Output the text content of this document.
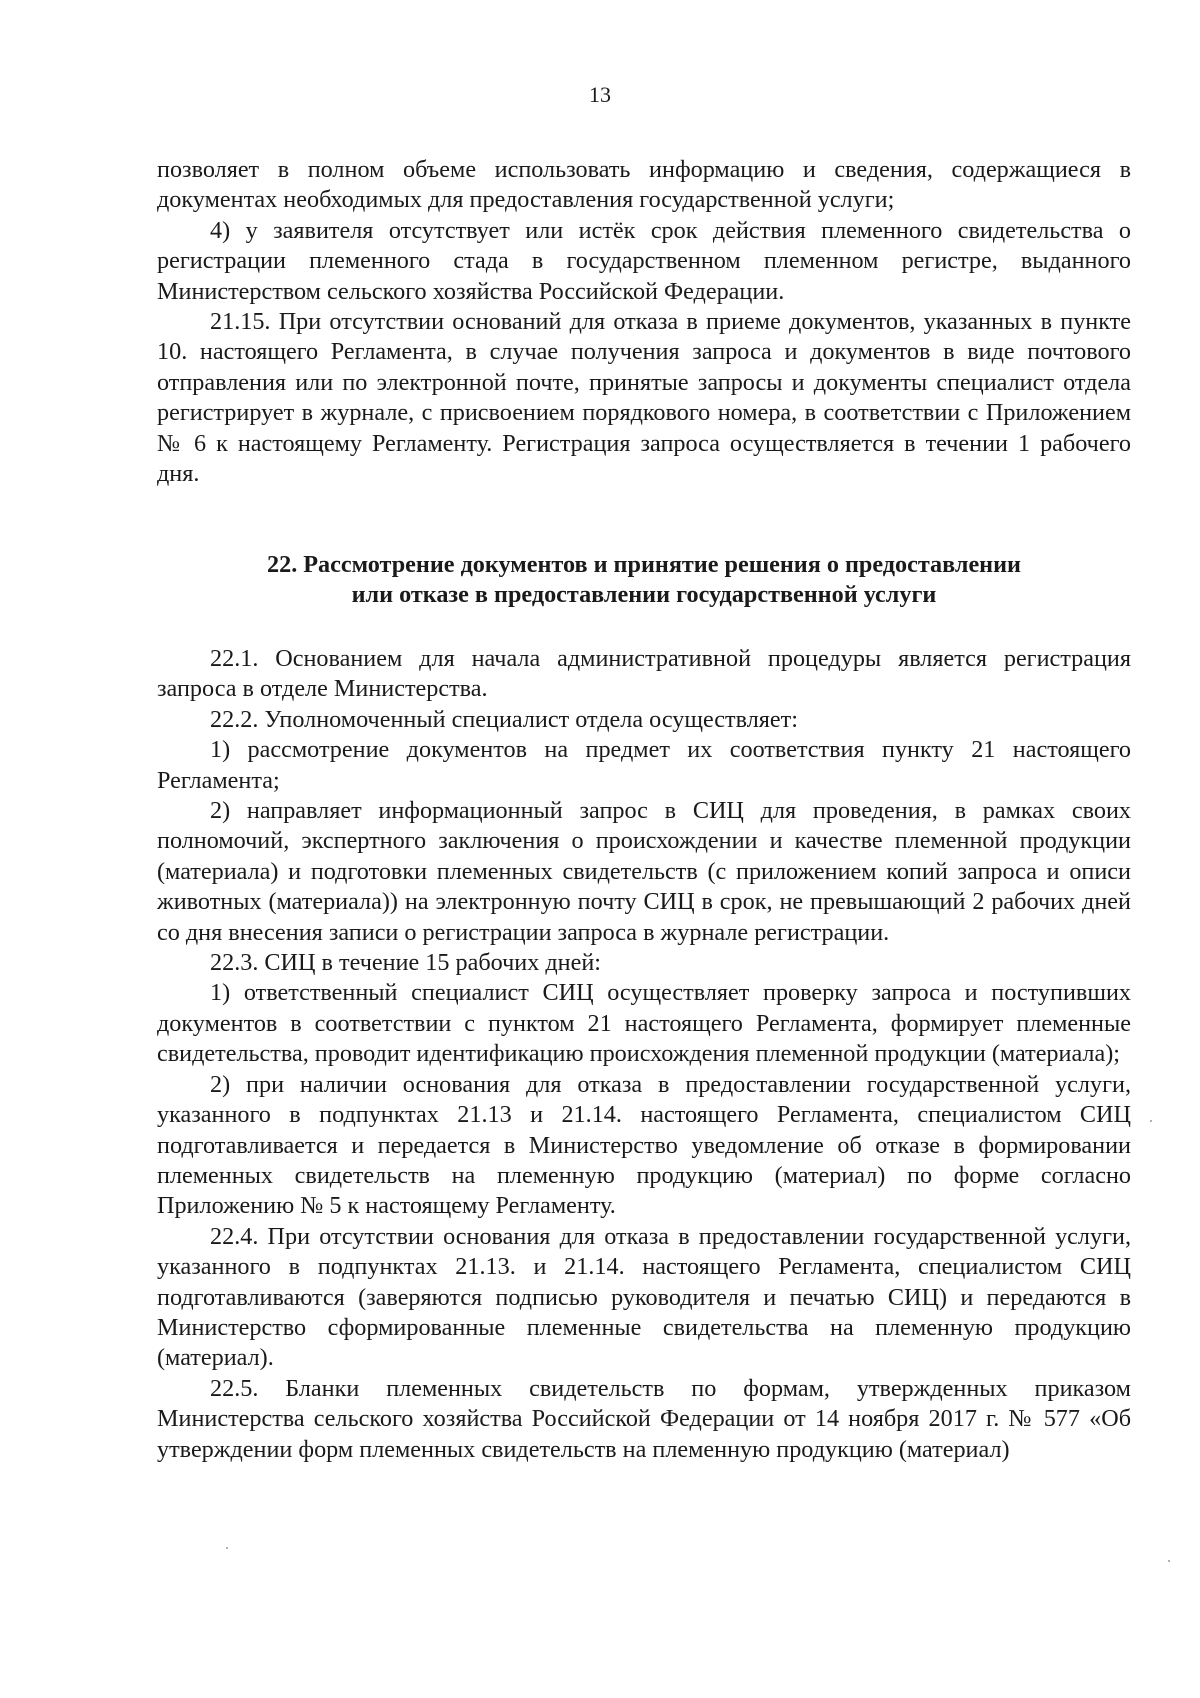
13

позволяет в полном объеме использовать информацию и сведения, содержащиеся в документах необходимых для предоставления государственной услуги;

4) у заявителя отсутствует или истёк срок действия племенного свидетельства о регистрации племенного стада в государственном племенном регистре, выданного Министерством сельского хозяйства Российской Федерации.

21.15. При отсутствии оснований для отказа в приеме документов, указанных в пункте 10. настоящего Регламента, в случае получения запроса и документов в виде почтового отправления или по электронной почте, принятые запросы и документы специалист отдела регистрирует в журнале, с присвоением порядкового номера, в соответствии с Приложением № 6 к настоящему Регламенту. Регистрация запроса осуществляется в течении 1 рабочего дня.

22. Рассмотрение документов и принятие решения о предоставлении
или отказе в предоставлении государственной услуги

22.1. Основанием для начала административной процедуры является регистрация запроса в отделе Министерства.

22.2. Уполномоченный специалист отдела осуществляет:

1) рассмотрение документов на предмет их соответствия пункту 21 настоящего Регламента;

2) направляет информационный запрос в СИЦ для проведения, в рамках своих полномочий, экспертного заключения о происхождении и качестве племенной продукции (материала) и подготовки племенных свидетельств (с приложением копий запроса и описи животных (материала)) на электронную почту СИЦ в срок, не превышающий 2 рабочих дней со дня внесения записи о регистрации запроса в журнале регистрации.

22.3. СИЦ в течение 15 рабочих дней:

1) ответственный специалист СИЦ осуществляет проверку запроса и поступивших документов в соответствии с пунктом 21 настоящего Регламента, формирует племенные свидетельства, проводит идентификацию происхождения племенной продукции (материала);

2) при наличии основания для отказа в предоставлении государственной услуги, указанного в подпунктах 21.13 и 21.14. настоящего Регламента, специалистом СИЦ подготавливается и передается в Министерство уведомление об отказе в формировании племенных свидетельств на племенную продукцию (материал) по форме согласно Приложению № 5 к настоящему Регламенту.

22.4. При отсутствии основания для отказа в предоставлении государственной услуги, указанного в подпунктах 21.13. и 21.14. настоящего Регламента, специалистом СИЦ подготавливаются (заверяются подписью руководителя и печатью СИЦ) и передаются в Министерство сформированные племенные свидетельства на племенную продукцию (материал).

22.5. Бланки племенных свидетельств по формам, утвержденных приказом Министерства сельского хозяйства Российской Федерации от 14 ноября 2017 г. № 577 «Об утверждении форм племенных свидетельств на племенную продукцию (материал)
